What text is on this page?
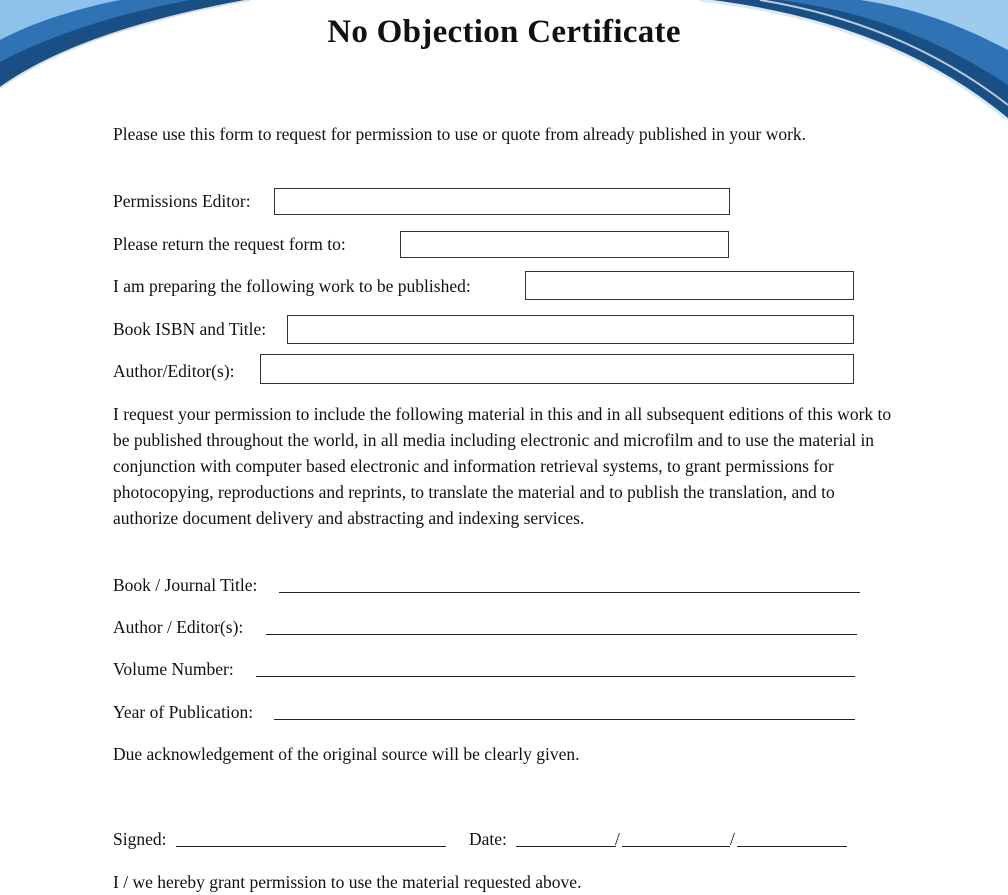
No Objection Certificate
Please use this form to request for permission to use or quote from already published in your work.
Permissions Editor:
Please return the request form to:
I am preparing the following work to be published:
Book ISBN and Title:
Author/Editor(s):
I request your permission to include the following material in this and in all subsequent editions of this work to be published throughout the world, in all media including electronic and microfilm and to use the material in conjunction with computer based electronic and information retrieval systems, to grant permissions for photocopying, reproductions and reprints, to translate the material and to publish the translation, and to authorize document delivery and abstracting and indexing services.
Book / Journal Title:
Author / Editor(s):
Volume Number:
Year of Publication:
Due acknowledgement of the original source will be clearly given.
Signed:	Date:	/	/
I / we hereby grant permission to use the material requested above.
